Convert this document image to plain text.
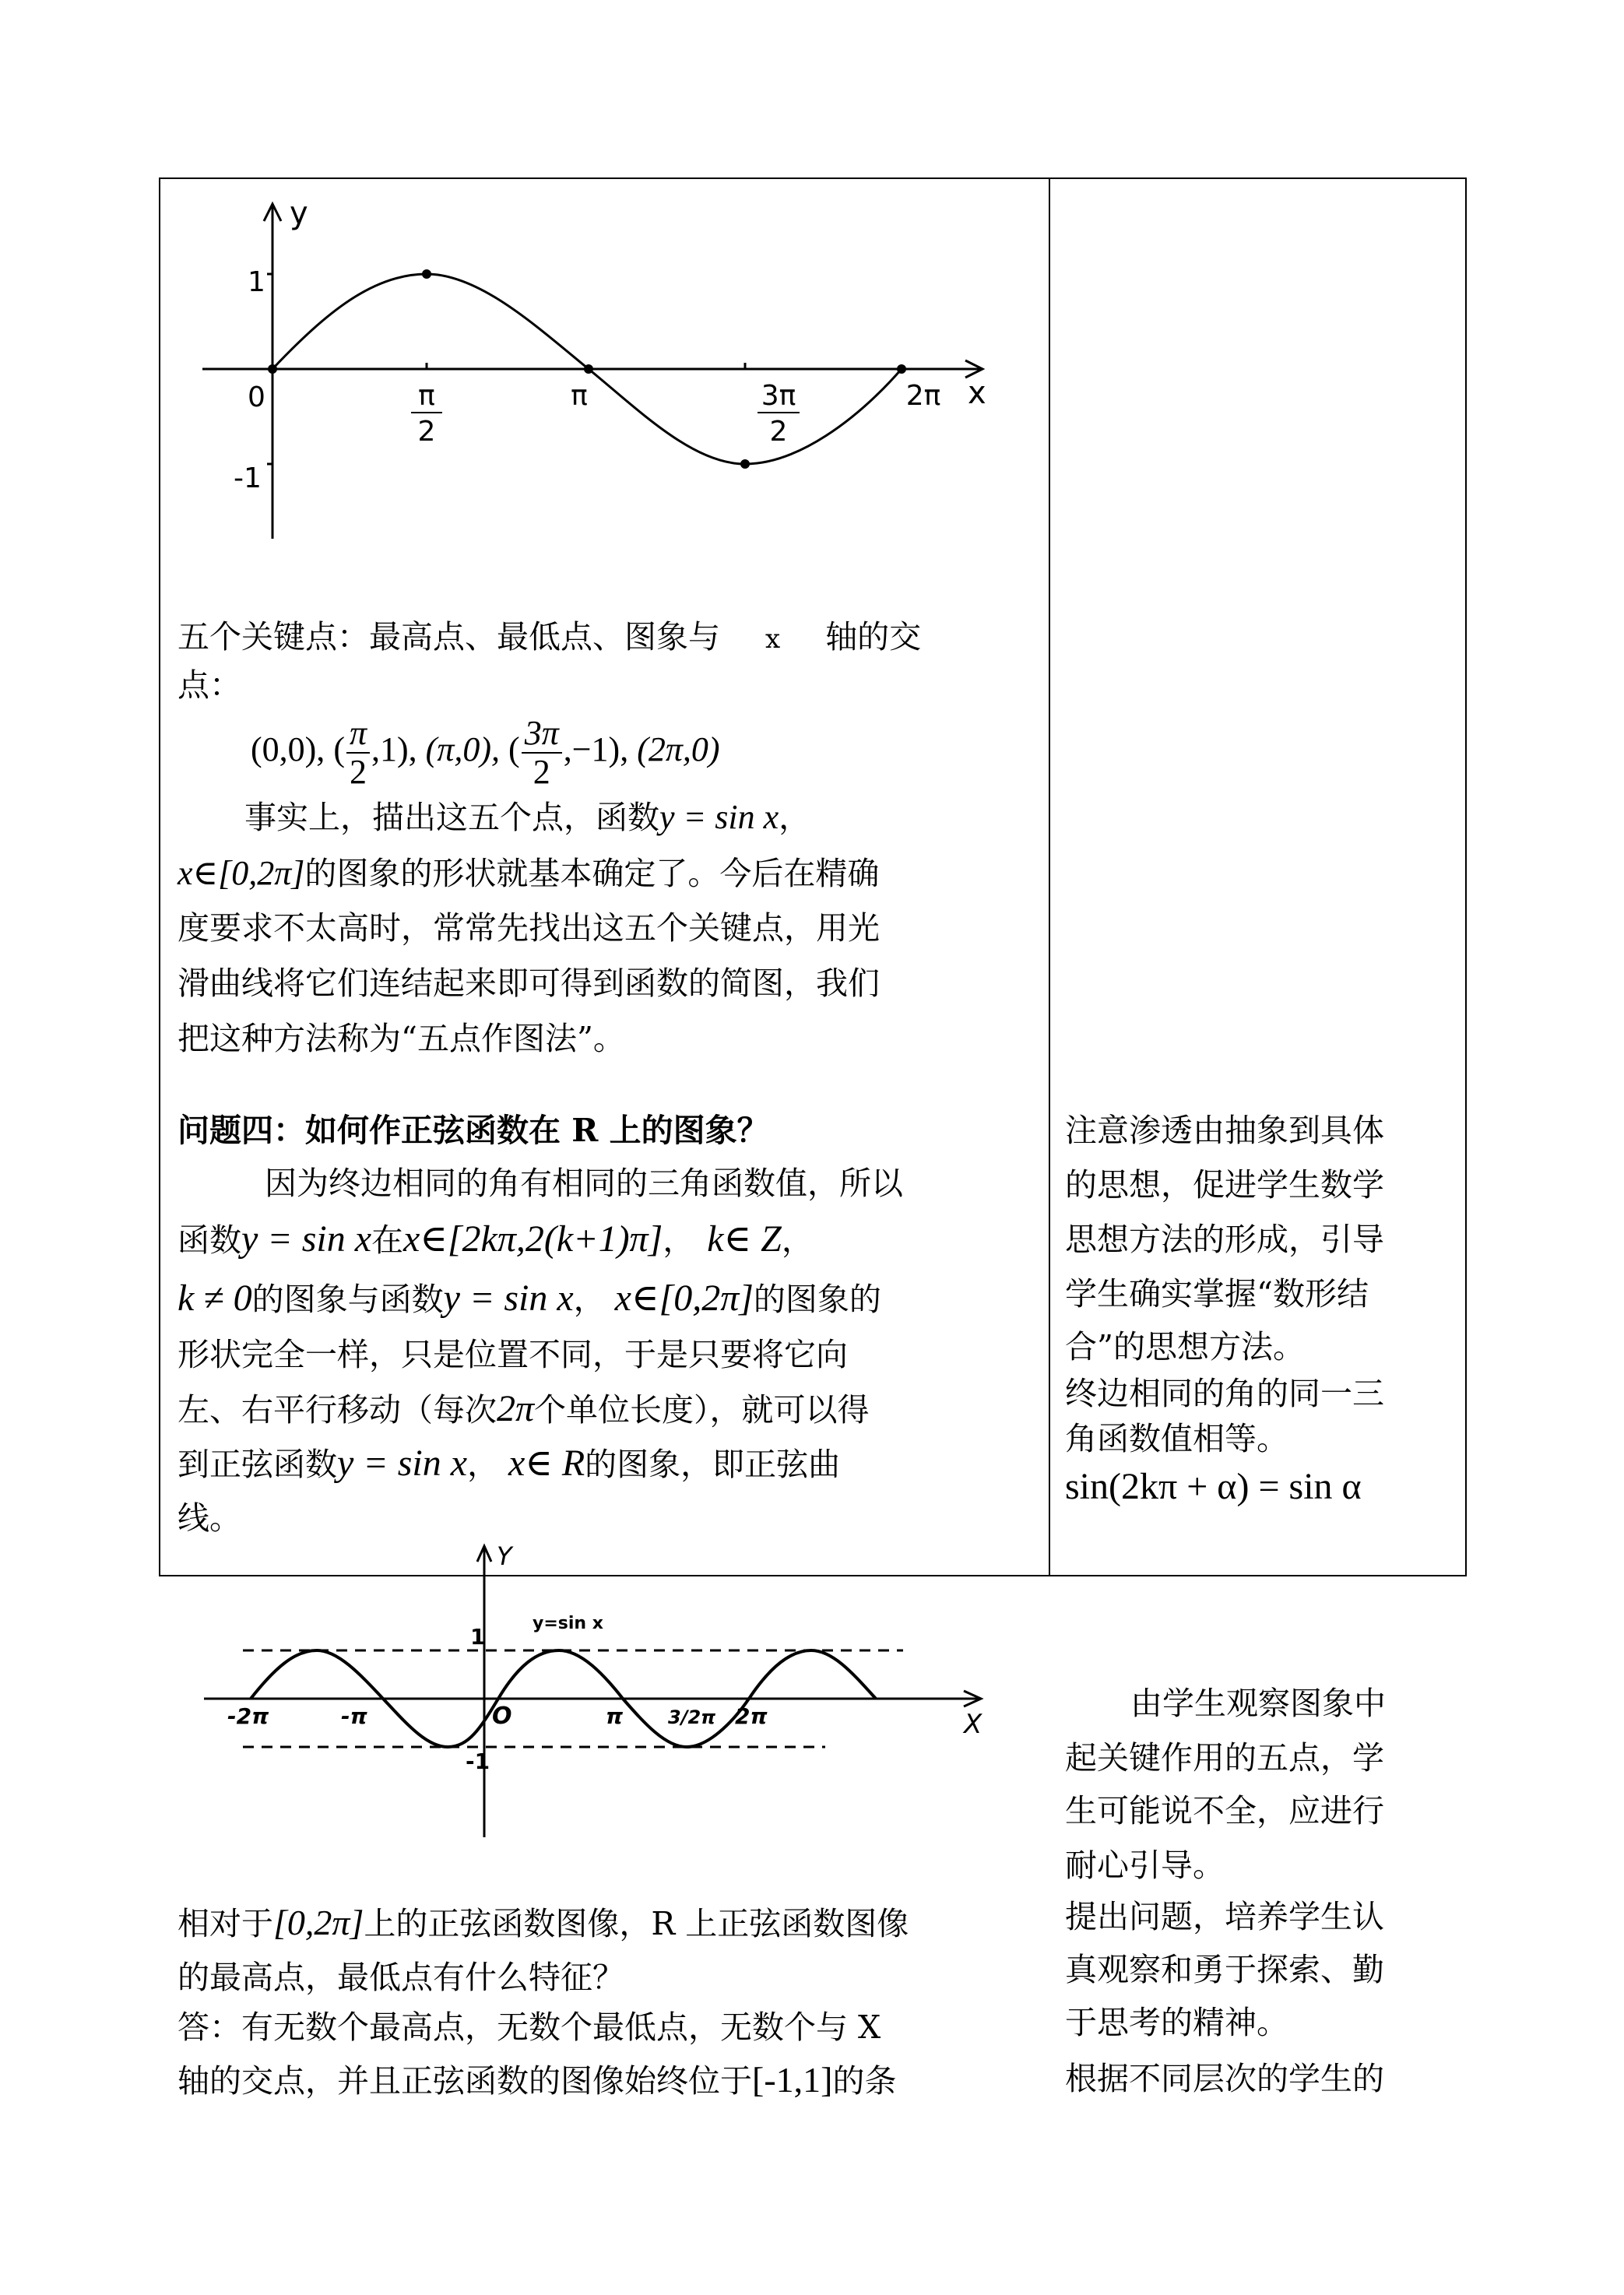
y
x
1
-1
0	π
2
π	3π
2
2π
五个关键点：最高点、最低点、图象与 x 轴的交
点：
(0,0), ( $\frac{\pi}{2} ,1$), (π,0), ( $\frac{3\pi}{2} ,-1$), (2π,0)
事实上，描出这五个点，函数y = sin x，
x∈[0,2π]的图象的形状就基本确定了。今后在精确
度要求不太高时，常常先找出这五个关键点，用光
滑曲线将它们连结起来即可得到函数的简图，我们
把这种方法称为“五点作图法”。
问题四：如何作正弦函数在 R 上的图象？
因为终边相同的角有相同的三角函数值，所以
函数y = sin x在x∈[2kπ,2(k+1)π]， k∈ Z，
k ≠ 0的图象与函数y = sin x， x∈[0,2π]的图象的
形状完全一样，只是位置不同，于是只要将它向
左、右平行移动（每次2π个单位长度），就可以得
到正弦函数y = sin x， x∈ R的图象，即正弦曲
线。
Y
X
y=sin x
1
-1
O
-2π	-π	π 3/2π 2π
相对于[0,2π]上的正弦函数图像，R 上正弦函数图像
的最高点，最低点有什么特征？
答：有无数个最高点，无数个最低点，无数个与 X
轴的交点，并且正弦函数的图像始终位于[-1,1]的条
注意渗透由抽象到具体
的思想，促进学生数学
思想方法的形成，引导
学生确实掌握“数形结
合”的思想方法。
终边相同的角的同一三
角函数值相等。
sin(2kπ + α) = sin α
由学生观察图象中
起关键作用的五点，学
生可能说不全，应进行
耐心引导。
提出问题，培养学生认
真观察和勇于探索、勤
于思考的精神。
根据不同层次的学生的
